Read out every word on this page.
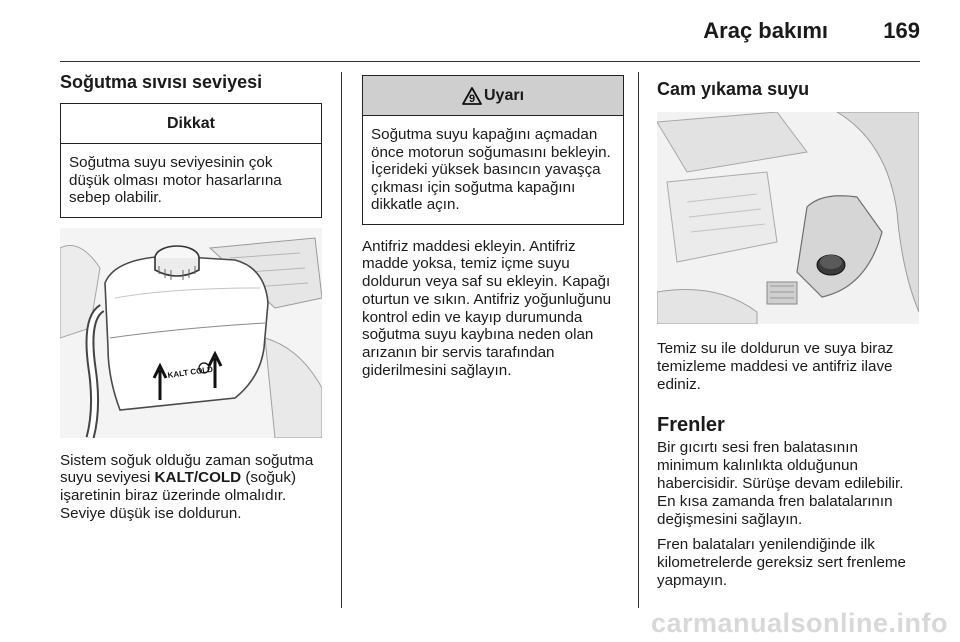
Araç bakımı	169
Soğutma sıvısı seviyesi
Dikkat
Soğutma suyu seviyesinin çok düşük olması motor hasarlarına sebep olabilir.
KALT COLD

Sistem soğuk olduğu zaman soğutma suyu seviyesi KALT/COLD (soğuk) işaretinin biraz üzerinde olmalıdır. Seviye düşük ise doldurun.

9 Uyarı
Soğutma suyu kapağını açmadan önce motorun soğumasını bekleyin. İçerideki yüksek basıncın yavaşça çıkması için soğutma kapağını dikkatle açın.

Antifriz maddesi ekleyin. Antifriz madde yoksa, temiz içme suyu doldurun veya saf su ekleyin. Kapağı oturtun ve sıkın. Antifriz yoğunluğunu kontrol edin ve kayıp durumunda soğutma suyu kaybına neden olan arızanın bir servis tarafından giderilmesini sağlayın.

Cam yıkama suyu

Temiz su ile doldurun ve suya biraz temizleme maddesi ve antifriz ilave ediniz.

Frenler

Bir gıcırtı sesi fren balatasının minimum kalınlıkta olduğunun habercisidir. Sürüşe devam edilebilir. En kısa zamanda fren balatalarının değişmesini sağlayın.

Fren balataları yenilendiğinde ilk kilometrelerde gereksiz sert frenleme yapmayın.

carmanualsonline.info
